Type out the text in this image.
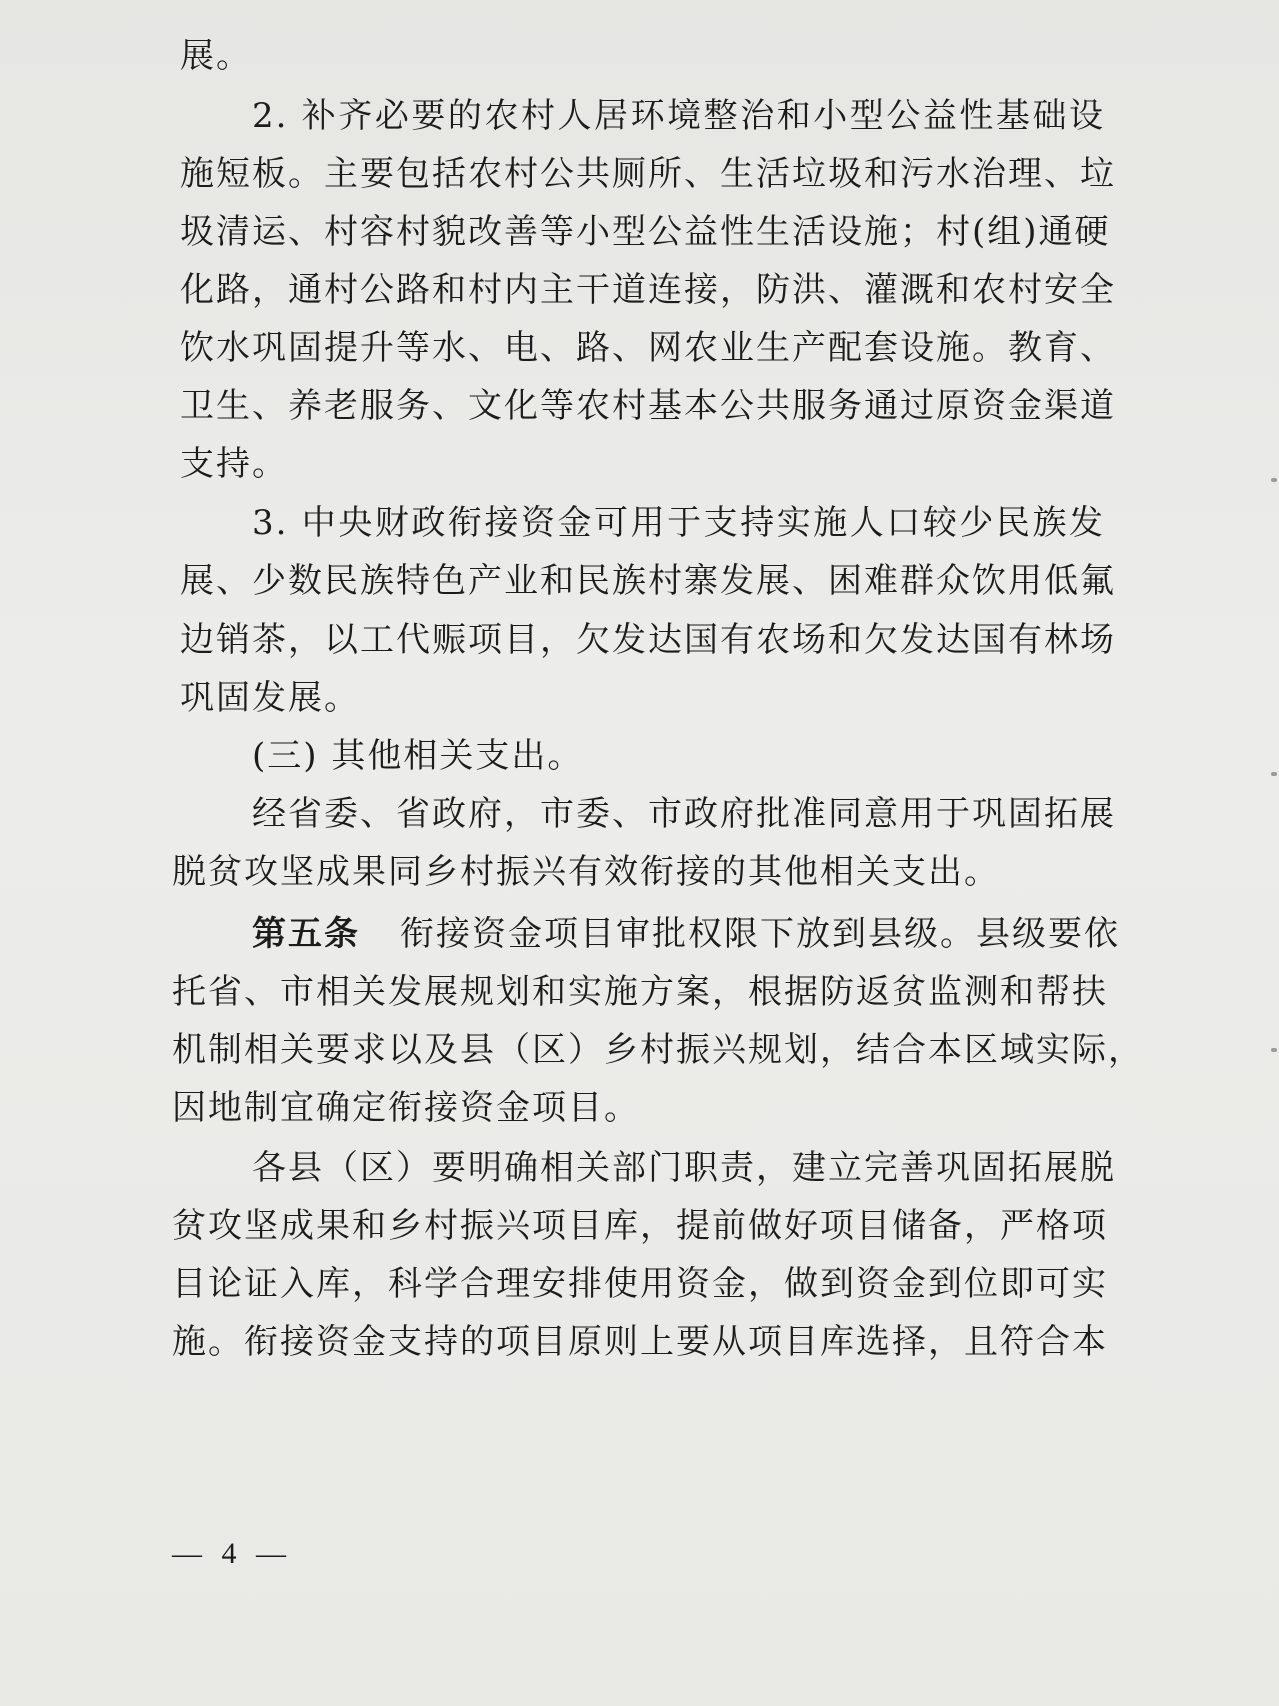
展。
2. 补齐必要的农村人居环境整治和小型公益性基础设
施短板。主要包括农村公共厕所、生活垃圾和污水治理、垃
圾清运、村容村貌改善等小型公益性生活设施；村(组)通硬
化路，通村公路和村内主干道连接，防洪、灌溉和农村安全
饮水巩固提升等水、电、路、网农业生产配套设施。教育、
卫生、养老服务、文化等农村基本公共服务通过原资金渠道
支持。
3. 中央财政衔接资金可用于支持实施人口较少民族发
展、少数民族特色产业和民族村寨发展、困难群众饮用低氟
边销茶，以工代赈项目，欠发达国有农场和欠发达国有林场
巩固发展。
(三) 其他相关支出。
经省委、省政府，市委、市政府批准同意用于巩固拓展
脱贫攻坚成果同乡村振兴有效衔接的其他相关支出。
第五条 衔接资金项目审批权限下放到县级。县级要依
托省、市相关发展规划和实施方案，根据防返贫监测和帮扶
机制相关要求以及县（区）乡村振兴规划，结合本区域实际，
因地制宜确定衔接资金项目。
各县（区）要明确相关部门职责，建立完善巩固拓展脱
贫攻坚成果和乡村振兴项目库，提前做好项目储备，严格项
目论证入库，科学合理安排使用资金，做到资金到位即可实
施。衔接资金支持的项目原则上要从项目库选择，且符合本
— 4 —
